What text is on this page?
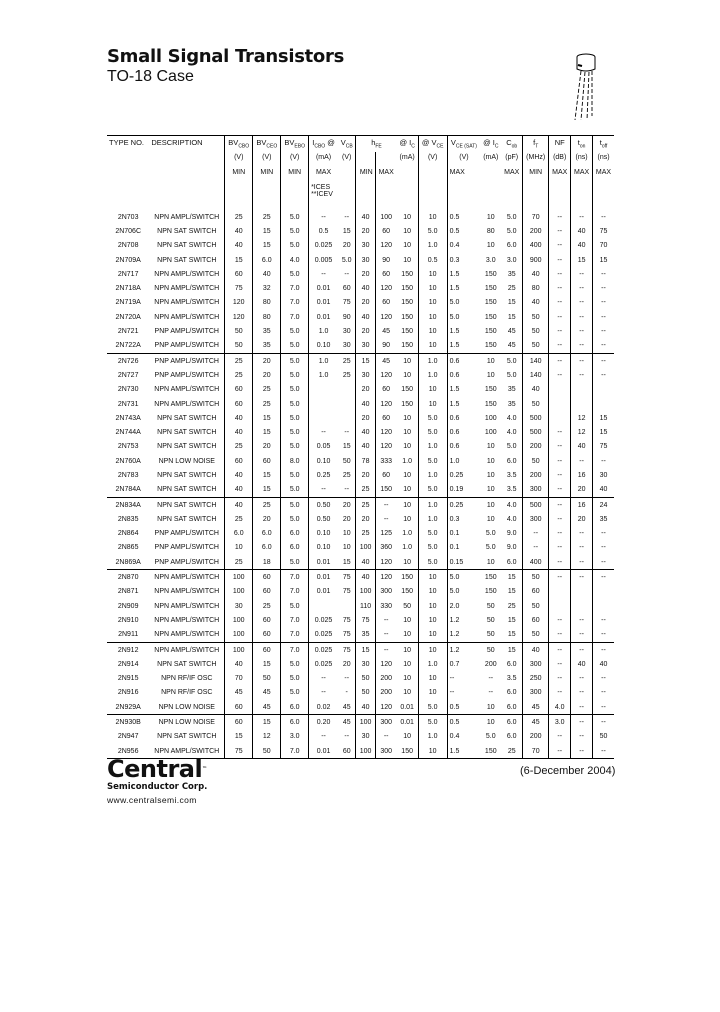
Small Signal Transistors
TO-18 Case
TYPE NO.	DESCRIPTION	$BV_{CBO}$	$BV_{CEO}$	$BV_{EBO}$	$I_{CBO}$ @	$V_{CB}$	$h_{FE}$		@ $I_C$	@ $V_{CE}$	$V_{CE (SAT)}$	@ $I_C$	$C_{ob}$	$f_T$	NF	$t_{on}$	$t_{off}$
		(V)	(V)	(V)	(mA)	(V)			(mA)	(V)	(V)	(mA)	(pF)	(MHz)	(dB)	(ns)	(ns)
		MIN	MIN	MIN	MAX		MIN	MAX			MAX		MAX	MIN	MAX	MAX	MAX

					*ICES
**ICEV												

2N703	NPN AMPL/SWITCH	25	25	5.0	--	--	40	100	10	10	0.5	10	5.0	70	--	--	--
2N706C	NPN SAT SWITCH	40	15	5.0	0.5	15	20	60	10	5.0	0.5	80	5.0	200	--	40	75
2N708	NPN SAT SWITCH	40	15	5.0	0.025	20	30	120	10	1.0	0.4	10	6.0	400	--	40	70
2N709A	NPN SAT SWITCH	15	6.0	4.0	0.005	5.0	30	90	10	0.5	0.3	3.0	3.0	900	--	15	15
2N717	NPN AMPL/SWITCH	60	40	5.0	--	--	20	60	150	10	1.5	150	35	40	--	--	--
2N718A	NPN AMPL/SWITCH	75	32	7.0	0.01	60	40	120	150	10	1.5	150	25	80	--	--	--
2N719A	NPN AMPL/SWITCH	120	80	7.0	0.01	75	20	60	150	10	5.0	150	15	40	--	--	--
2N720A	NPN AMPL/SWITCH	120	80	7.0	0.01	90	40	120	150	10	5.0	150	15	50	--	--	--
2N721	PNP AMPL/SWITCH	50	35	5.0	1.0	30	20	45	150	10	1.5	150	45	50	--	--	--
2N722A	PNP AMPL/SWITCH	50	35	5.0	0.10	30	30	90	150	10	1.5	150	45	50	--	--	--
2N726	PNP AMPL/SWITCH	25	20	5.0	1.0	25	15	45	10	1.0	0.6	10	5.0	140	--	--	--
2N727	PNP AMPL/SWITCH	25	20	5.0	1.0	25	30	120	10	1.0	0.6	10	5.0	140	--	--	--
2N730	NPN AMPL/SWITCH	60	25	5.0			20	60	150	10	1.5	150	35	40			
2N731	NPN AMPL/SWITCH	60	25	5.0			40	120	150	10	1.5	150	35	50			
2N743A	NPN SAT SWITCH	40	15	5.0			20	60	10	5.0	0.6	100	4.0	500		12	15
2N744A	NPN SAT SWITCH	40	15	5.0	--	--	40	120	10	5.0	0.6	100	4.0	500	--	12	15
2N753	NPN SAT SWITCH	25	20	5.0	0.05	15	40	120	10	1.0	0.6	10	5.0	200	--	40	75
2N760A	NPN LOW NOISE	60	60	8.0	0.10	50	78	333	1.0	5.0	1.0	10	6.0	50	--	--	--
2N783	NPN SAT SWITCH	40	15	5.0	0.25	25	20	60	10	1.0	0.25	10	3.5	200	--	16	30
2N784A	NPN SAT SWITCH	40	15	5.0	--	--	25	150	10	5.0	0.19	10	3.5	300	--	20	40
2N834A	NPN SAT SWITCH	40	25	5.0	0.50	20	25	--	10	1.0	0.25	10	4.0	500	--	16	24
2N835	NPN SAT SWITCH	25	20	5.0	0.50	20	20	--	10	1.0	0.3	10	4.0	300	--	20	35
2N864	PNP AMPL/SWITCH	6.0	6.0	6.0	0.10	10	25	125	1.0	5.0	0.1	5.0	9.0	--	--	--	--
2N865	PNP AMPL/SWITCH	10	6.0	6.0	0.10	10	100	360	1.0	5.0	0.1	5.0	9.0	--	--	--	--
2N869A	PNP AMPL/SWITCH	25	18	5.0	0.01	15	40	120	10	5.0	0.15	10	6.0	400	--	--	--
2N870	NPN AMPL/SWITCH	100	60	7.0	0.01	75	40	120	150	10	5.0	150	15	50	--	--	--
2N871	NPN AMPL/SWITCH	100	60	7.0	0.01	75	100	300	150	10	5.0	150	15	60			
2N909	NPN AMPL/SWITCH	30	25	5.0			110	330	50	10	2.0	50	25	50			
2N910	NPN AMPL/SWITCH	100	60	7.0	0.025	75	75	--	10	10	1.2	50	15	60	--	--	--
2N911	NPN AMPL/SWITCH	100	60	7.0	0.025	75	35	--	10	10	1.2	50	15	50	--	--	--
2N912	NPN AMPL/SWITCH	100	60	7.0	0.025	75	15	--	10	10	1.2	50	15	40	--	--	--
2N914	NPN SAT SWITCH	40	15	5.0	0.025	20	30	120	10	1.0	0.7	200	6.0	300	--	40	40
2N915	NPN RF/IF OSC	70	50	5.0	--	--	50	200	10	10	--	--	3.5	250	--	--	--
2N916	NPN RF/IF OSC	45	45	5.0	--	-	50	200	10	10	--	--	6.0	300	--	--	--
2N929A	NPN LOW NOISE	60	45	6.0	0.02	45	40	120	0.01	5.0	0.5	10	6.0	45	4.0	--	--
2N930B	NPN LOW NOISE	60	15	6.0	0.20	45	100	300	0.01	5.0	0.5	10	6.0	45	3.0	--	--
2N947	NPN SAT SWITCH	15	12	3.0	--	--	30	--	10	1.0	0.4	5.0	6.0	200	--	--	50
2N956	NPN AMPL/SWITCH	75	50	7.0	0.01	60	100	300	150	10	1.5	150	25	70	--	--	--
Central™
Semiconductor Corp.
www.centralsemi.com
(6-December 2004)
